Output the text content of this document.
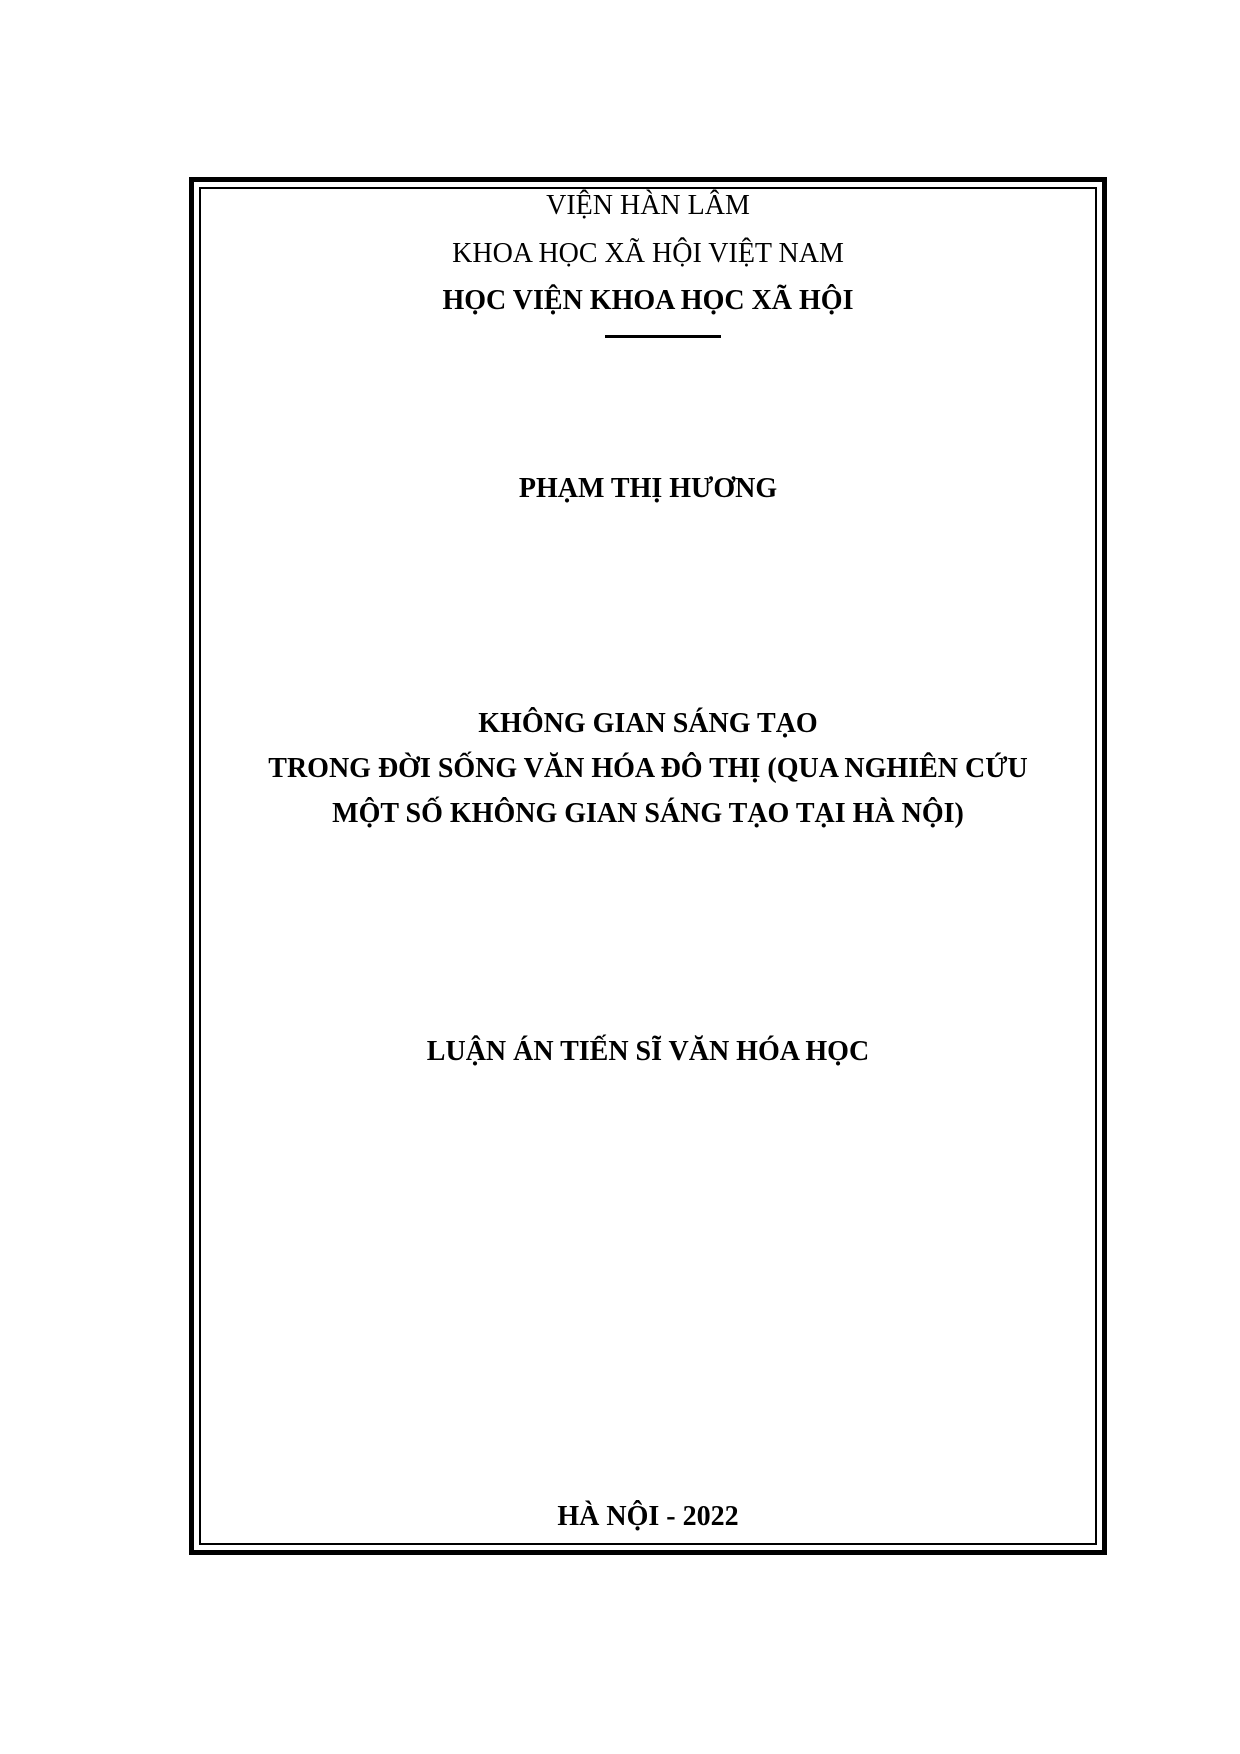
VIỆN HÀN LÂM
KHOA HỌC XÃ HỘI VIỆT NAM
HỌC VIỆN KHOA HỌC XÃ HỘI
PHẠM THỊ HƯƠNG
KHÔNG GIAN SÁNG TẠO
TRONG ĐỜI SỐNG VĂN HÓA ĐÔ THỊ (QUA NGHIÊN CỨU
MỘT SỐ KHÔNG GIAN SÁNG TẠO TẠI HÀ NỘI)
LUẬN ÁN TIẾN SĨ VĂN HÓA HỌC
HÀ NỘI - 2022
